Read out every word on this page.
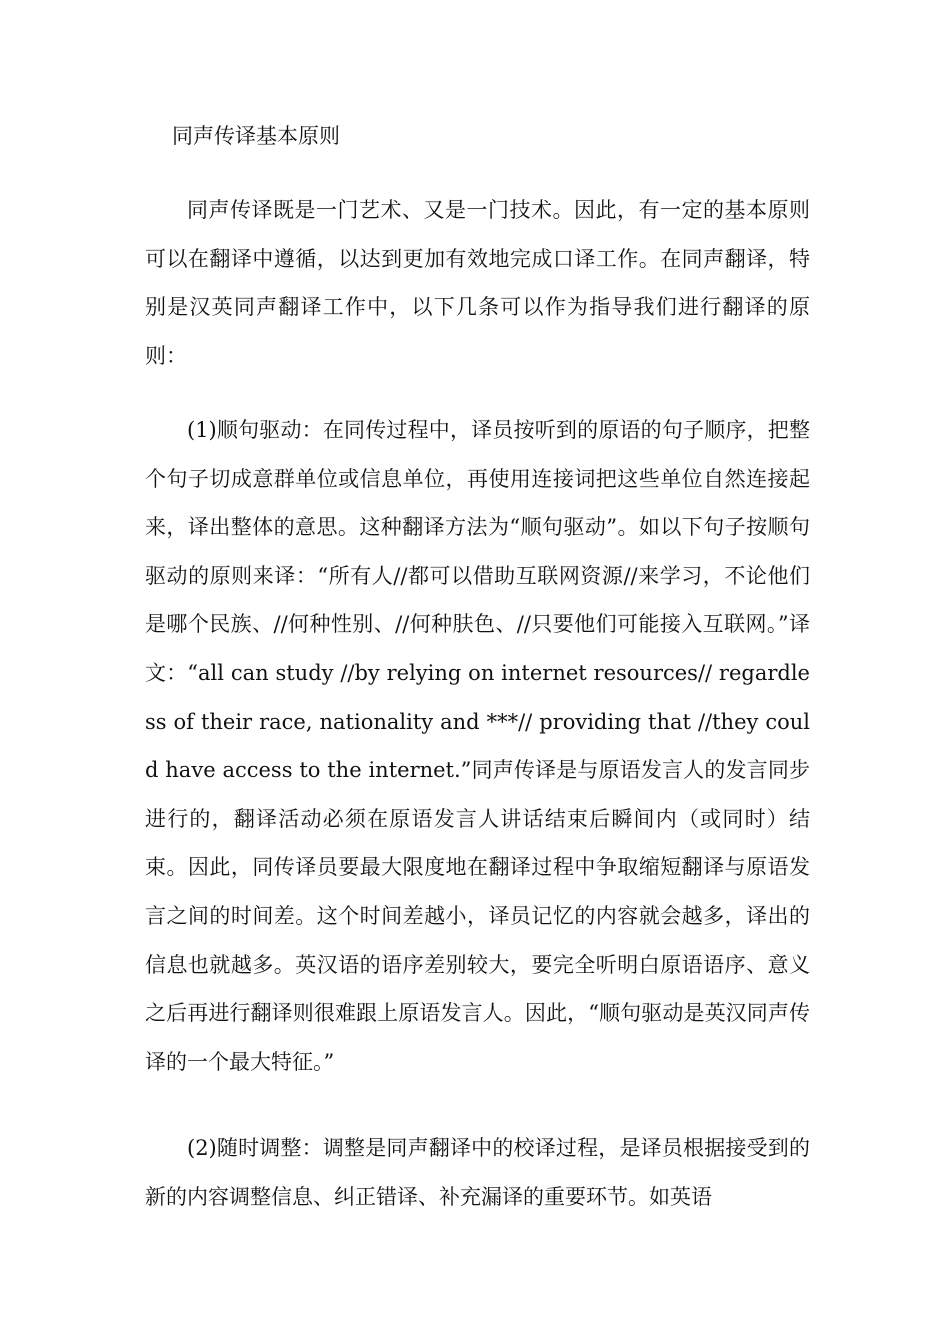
同声传译基本原则

同声传译既是一门艺术、又是一门技术。因此，有一定的基本原则可以在翻译中遵循，以达到更加有效地完成口译工作。在同声翻译，特别是汉英同声翻译工作中，以下几条可以作为指导我们进行翻译的原则：

(1)顺句驱动：在同传过程中，译员按听到的原语的句子顺序，把整个句子切成意群单位或信息单位，再使用连接词把这些单位自然连接起来，译出整体的意思。这种翻译方法为“顺句驱动”。如以下句子按顺句驱动的原则来译：“所有人//都可以借助互联网资源//来学习，不论他们是哪个民族、//何种性别、//何种肤色、//只要他们可能接入互联网。”译文：“all can study //by relying on internet resources// regardless of their race, nationality and ***// providing that //they could have access to the internet.”同声传译是与原语发言人的发言同步进行的，翻译活动必须在原语发言人讲话结束后瞬间内（或同时）结束。因此，同传译员要最大限度地在翻译过程中争取缩短翻译与原语发言之间的时间差。这个时间差越小，译员记忆的内容就会越多，译出的信息也就越多。英汉语的语序差别较大，要完全听明白原语语序、意义之后再进行翻译则很难跟上原语发言人。因此，“顺句驱动是英汉同声传译的一个最大特征。”

(2)随时调整：调整是同声翻译中的校译过程，是译员根据接受到的新的内容调整信息、纠正错译、补充漏译的重要环节。如英语
